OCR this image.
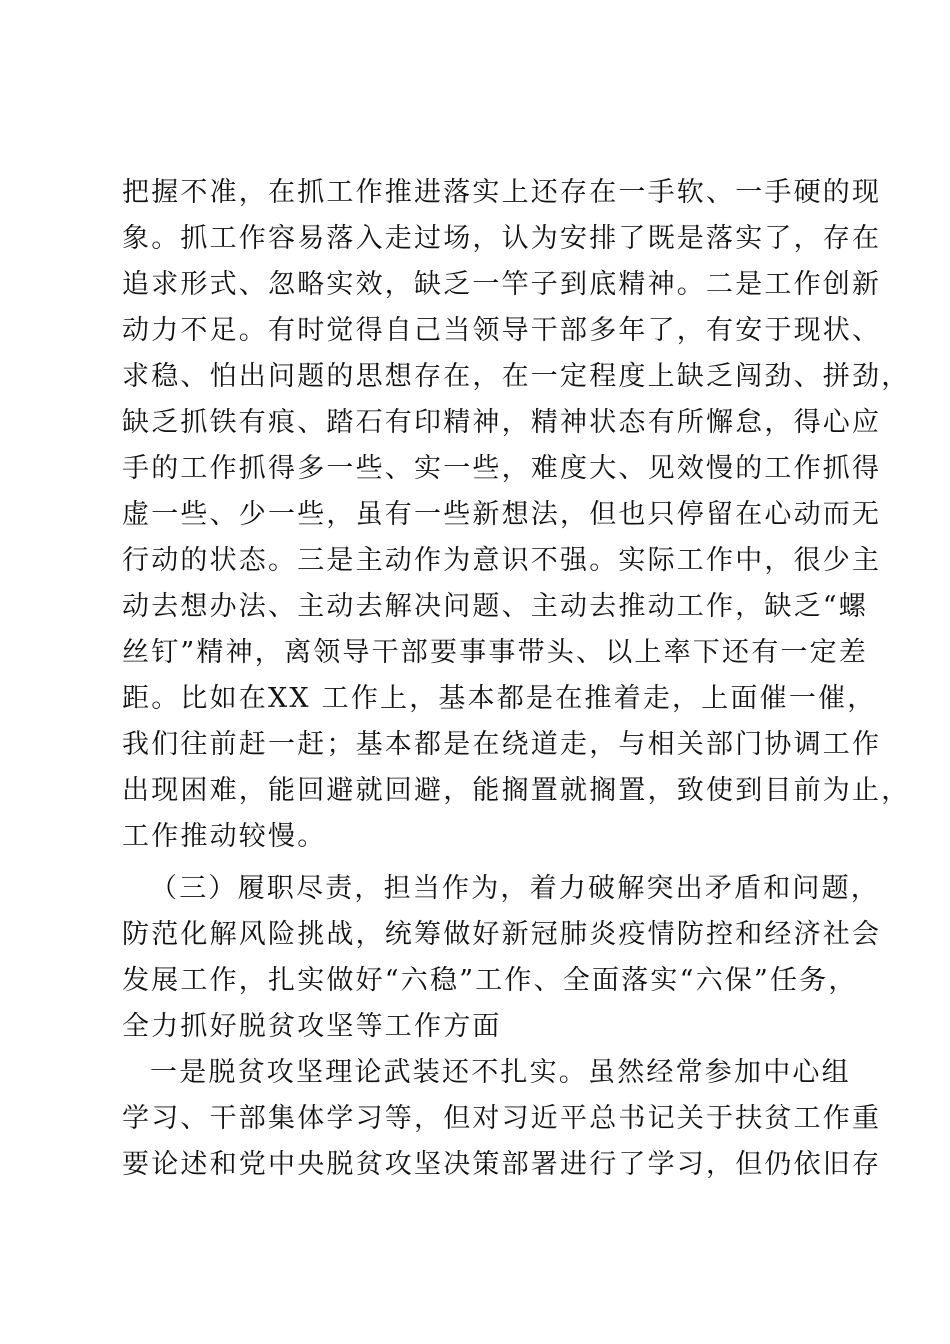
把握不准，在抓工作推进落实上还存在一手软、一手硬的现
象。抓工作容易落入走过场，认为安排了既是落实了，存在
追求形式、忽略实效，缺乏一竿子到底精神。二是工作创新
动力不足。有时觉得自己当领导干部多年了，有安于现状、
求稳、怕出问题的思想存在，在一定程度上缺乏闯劲、拼劲，
缺乏抓铁有痕、踏石有印精神，精神状态有所懈怠，得心应
手的工作抓得多一些、实一些，难度大、见效慢的工作抓得
虚一些、少一些，虽有一些新想法，但也只停留在心动而无
行动的状态。三是主动作为意识不强。实际工作中，很少主
动去想办法、主动去解决问题、主动去推动工作，缺乏“螺
丝钉”精神，离领导干部要事事带头、以上率下还有一定差
距。比如在XX 工作上，基本都是在推着走，上面催一催，
我们往前赶一赶；基本都是在绕道走，与相关部门协调工作
出现困难，能回避就回避，能搁置就搁置，致使到目前为止，
工作推动较慢。
（三）履职尽责，担当作为，着力破解突出矛盾和问题，
防范化解风险挑战，统筹做好新冠肺炎疫情防控和经济社会
发展工作，扎实做好“六稳”工作、全面落实“六保”任务，
全力抓好脱贫攻坚等工作方面
一是脱贫攻坚理论武装还不扎实。虽然经常参加中心组
学习、干部集体学习等，但对习近平总书记关于扶贫工作重
要论述和党中央脱贫攻坚决策部署进行了学习，但仍依旧存
